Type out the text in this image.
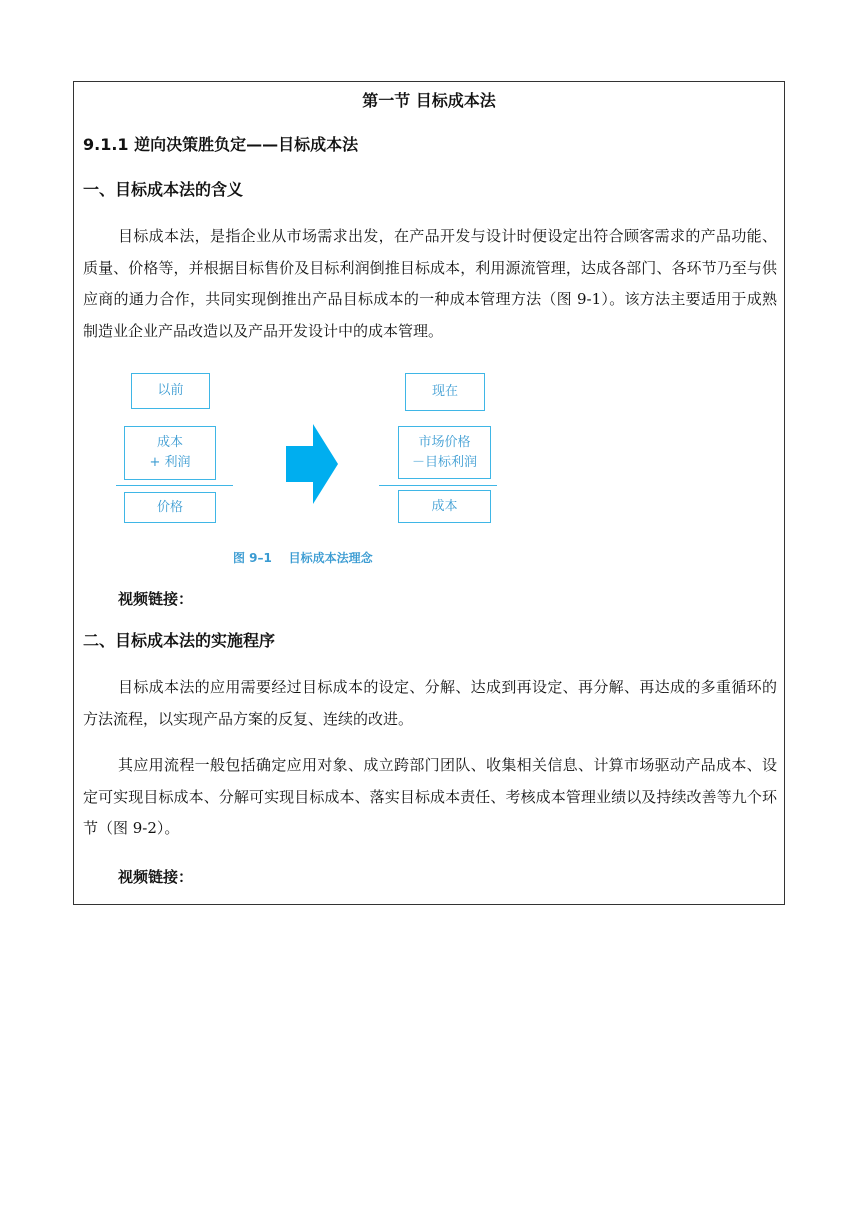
第一节 目标成本法
9.1.1 逆向决策胜负定——目标成本法
一、目标成本法的含义

目标成本法，是指企业从市场需求出发，在产品开发与设计时便设定出符合顾客需求的产品功能、质量、价格等，并根据目标售价及目标利润倒推目标成本，利用源流管理，达成各部门、各环节乃至与供应商的通力合作，共同实现倒推出产品目标成本的一种成本管理方法（图 9-1）。该方法主要适用于成熟制造业企业产品改造以及产品开发设计中的成本管理。

以前
成本
+ 利润
价格
现在
市场价格
－目标利润
成本
图 9–1    目标成本法理念
视频链接：
二、目标成本法的实施程序

目标成本法的应用需要经过目标成本的设定、分解、达成到再设定、再分解、再达成的多重循环的方法流程，以实现产品方案的反复、连续的改进。

其应用流程一般包括确定应用对象、成立跨部门团队、收集相关信息、计算市场驱动产品成本、设定可实现目标成本、分解可实现目标成本、落实目标成本责任、考核成本管理业绩以及持续改善等九个环节（图 9-2）。

视频链接：
